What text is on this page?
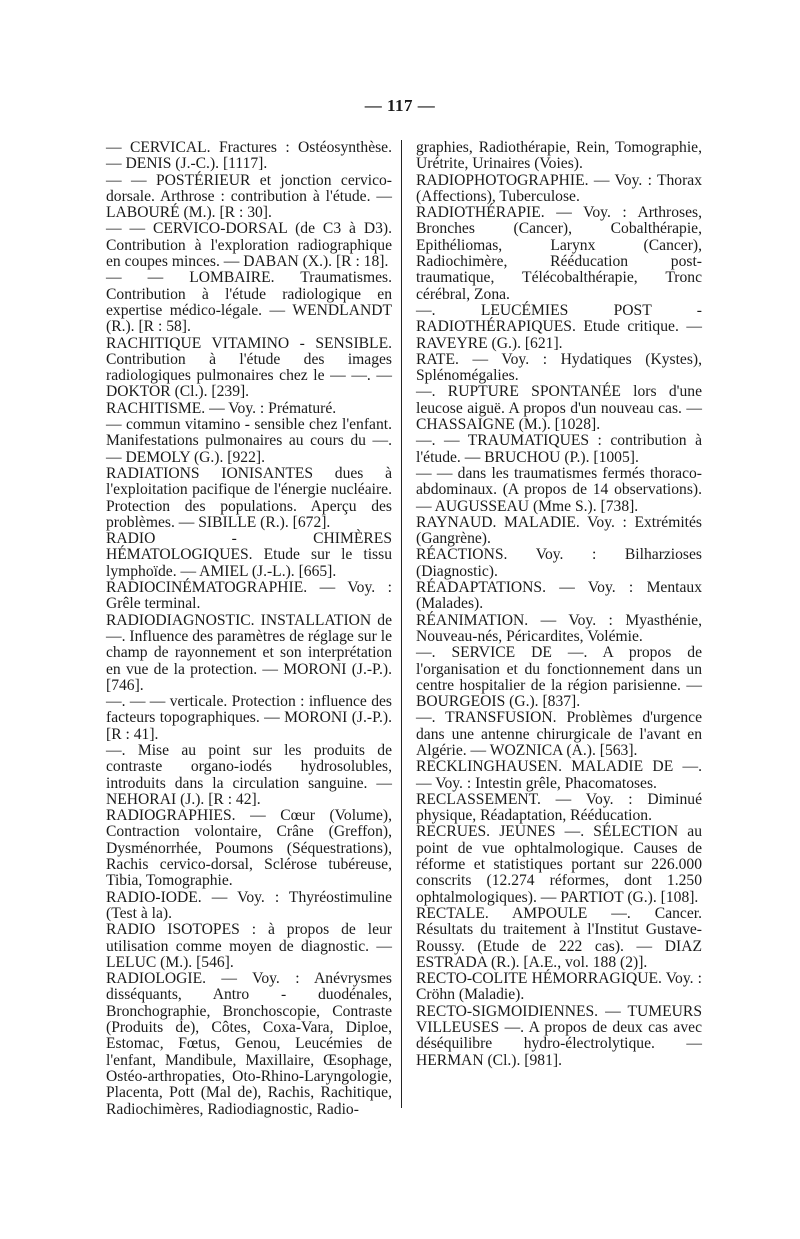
— 117 —

— CERVICAL. Fractures : Ostéosynthèse. — DENIS (J.-C.). [1117].

— — POSTÉRIEUR et jonction cervico-dorsale. Arthrose : contribution à l'étude. — LABOURÉ (M.). [R : 30].

— — CERVICO-DORSAL (de C3 à D3). Contribution à l'exploration radiographique en coupes minces. — DABAN (X.). [R : 18].

— — LOMBAIRE. Traumatismes. Contribution à l'étude radiologique en expertise médico-légale. — WENDLANDT (R.). [R : 58].

RACHITIQUE VITAMINO - SENSIBLE. Contribution à l'étude des images radiologiques pulmonaires chez le — —. — DOKTOR (Cl.). [239].

RACHITISME. — Voy. : Prématuré.

— commun vitamino - sensible chez l'enfant. Manifestations pulmonaires au cours du —. — DEMOLY (G.). [922].

RADIATIONS IONISANTES dues à l'exploitation pacifique de l'énergie nucléaire. Protection des populations. Aperçu des problèmes. — SIBILLE (R.). [672].

RADIO - CHIMÈRES HÉMATOLOGIQUES. Etude sur le tissu lymphoïde. — AMIEL (J.-L.). [665].

RADIOCINÉMATOGRAPHIE. — Voy. : Grêle terminal.

RADIODIAGNOSTIC. INSTALLATION de —. Influence des paramètres de réglage sur le champ de rayonnement et son interprétation en vue de la protection. — MORONI (J.-P.). [746].

—. — — verticale. Protection : influence des facteurs topographiques. — MORONI (J.-P.). [R : 41].

—. Mise au point sur les produits de contraste organo-iodés hydrosolubles, introduits dans la circulation sanguine. — NEHORAI (J.). [R : 42].

RADIOGRAPHIES. — Cœur (Volume), Contraction volontaire, Crâne (Greffon), Dysménorrhée, Poumons (Séquestrations), Rachis cervico-dorsal, Sclérose tubéreuse, Tibia, Tomographie.

RADIO-IODE. — Voy. : Thyréostimuline (Test à la).

RADIO ISOTOPES : à propos de leur utilisation comme moyen de diagnostic. — LELUC (M.). [546].

RADIOLOGIE. — Voy. : Anévrysmes disséquants, Antro - duodénales, Bronchographie, Bronchoscopie, Contraste (Produits de), Côtes, Coxa-Vara, Diploe, Estomac, Fœtus, Genou, Leucémies de l'enfant, Mandibule, Maxillaire, Œsophage, Ostéo-arthropaties, Oto-Rhino-Laryngologie, Placenta, Pott (Mal de), Rachis, Rachitique, Radiochimères, Radiodiagnostic, Radio-

graphies, Radiothérapie, Rein, Tomographie, Urétrite, Urinaires (Voies).

RADIOPHOTOGRAPHIE. — Voy. : Thorax (Affections), Tuberculose.

RADIOTHÉRAPIE. — Voy. : Arthroses, Bronches (Cancer), Cobalthérapie, Epithéliomas, Larynx (Cancer), Radiochimère, Rééducation post-traumatique, Télécobalthérapie, Tronc cérébral, Zona.

—. LEUCÉMIES POST - RADIOTHÉRAPIQUES. Etude critique. — RAVEYRE (G.). [621].

RATE. — Voy. : Hydatiques (Kystes), Splénomégalies.

—. RUPTURE SPONTANÉE lors d'une leucose aiguë. A propos d'un nouveau cas. — CHASSAIGNE (M.). [1028].

—. — TRAUMATIQUES : contribution à l'étude. — BRUCHOU (P.). [1005].

— — dans les traumatismes fermés thoraco-abdominaux. (A propos de 14 observations). — AUGUSSEAU (Mme S.). [738].

RAYNAUD. MALADIE. Voy. : Extrémités (Gangrène).

RÉACTIONS. Voy. : Bilharzioses (Diagnostic).

RÉADAPTATIONS. — Voy. : Mentaux (Malades).

RÉANIMATION. — Voy. : Myasthénie, Nouveau-nés, Péricardites, Volémie.

—. SERVICE DE —. A propos de l'organisation et du fonctionnement dans un centre hospitalier de la région parisienne. — BOURGEOIS (G.). [837].

—. TRANSFUSION. Problèmes d'urgence dans une antenne chirurgicale de l'avant en Algérie. — WOZNICA (A.). [563].

RECKLINGHAUSEN. MALADIE DE —. — Voy. : Intestin grêle, Phacomatoses.

RECLASSEMENT. — Voy. : Diminué physique, Réadaptation, Rééducation.

RECRUES. JEUNES —. SÉLECTION au point de vue ophtalmologique. Causes de réforme et statistiques portant sur 226.000 conscrits (12.274 réformes, dont 1.250 ophtalmologiques). — PARTIOT (G.). [108].

RECTALE. AMPOULE —. Cancer. Résultats du traitement à l'Institut Gustave-Roussy. (Etude de 222 cas). — DIAZ ESTRADA (R.). [A.E., vol. 188 (2)].

RECTO-COLITE HÉMORRAGIQUE. Voy. : Cröhn (Maladie).

RECTO-SIGMOIDIENNES. — TUMEURS VILLEUSES —. A propos de deux cas avec déséquilibre hydro-électrolytique. — HERMAN (Cl.). [981].
